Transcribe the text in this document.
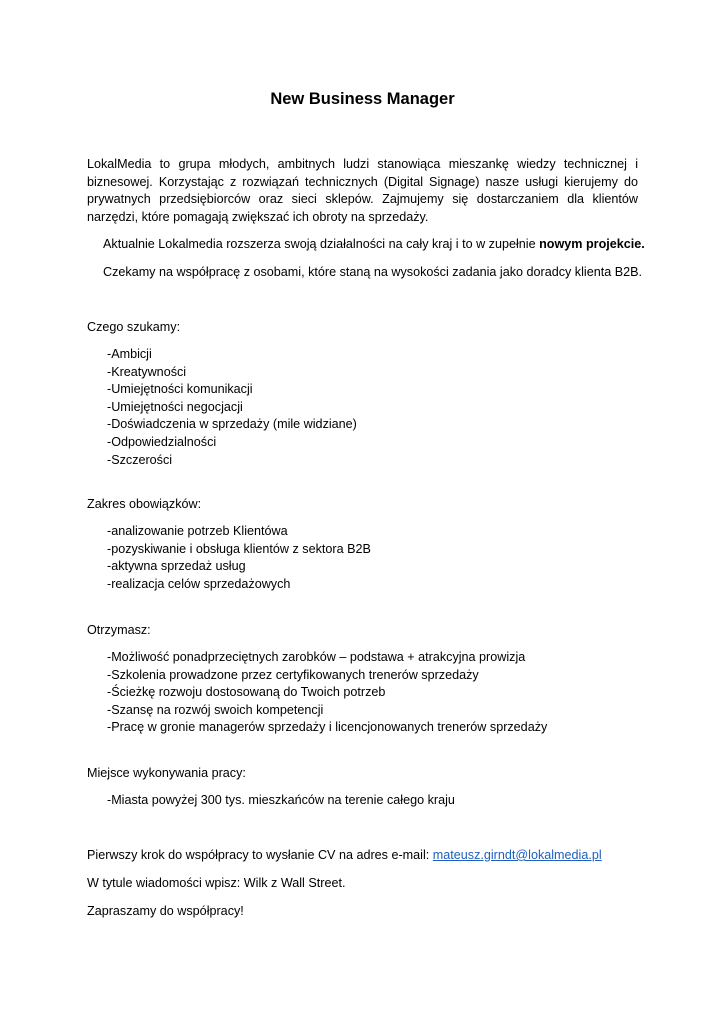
New Business Manager

LokalMedia to grupa młodych, ambitnych ludzi stanowiąca mieszankę wiedzy technicznej i biznesowej. Korzystając z rozwiązań technicznych (Digital Signage) nasze usługi kierujemy do prywatnych przedsiębiorców oraz sieci sklepów. Zajmujemy się dostarczaniem dla klientów narzędzi, które pomagają zwiększać ich obroty na sprzedaży.

Aktualnie Lokalmedia rozszerza swoją działalności na cały kraj i to w zupełnie nowym projekcie.

Czekamy na współpracę z osobami, które staną na wysokości zadania jako doradcy klienta B2B.

Czego szukamy:

-Ambicji
-Kreatywności
-Umiejętności komunikacji
-Umiejętności negocjacji
-Doświadczenia w sprzedaży (mile widziane)
-Odpowiedzialności
-Szczerości

Zakres obowiązków:

-analizowanie potrzeb Klientówa
-pozyskiwanie i obsługa klientów z sektora B2B
-aktywna sprzedaż usług
-realizacja celów sprzedażowych

Otrzymasz:

-Możliwość ponadprzeciętnych zarobków – podstawa + atrakcyjna prowizja
-Szkolenia prowadzone przez certyfikowanych trenerów sprzedaży
-Ścieżkę rozwoju dostosowaną do Twoich potrzeb
-Szansę na rozwój swoich kompetencji
-Pracę w gronie managerów sprzedaży i licencjonowanych trenerów sprzedaży

Miejsce wykonywania pracy:

-Miasta powyżej 300 tys. mieszkańców na terenie całego kraju

Pierwszy krok do współpracy to wysłanie CV na adres e-mail: mateusz.girndt@lokalmedia.pl

W tytule wiadomości wpisz: Wilk z Wall Street.

Zapraszamy do współpracy!
